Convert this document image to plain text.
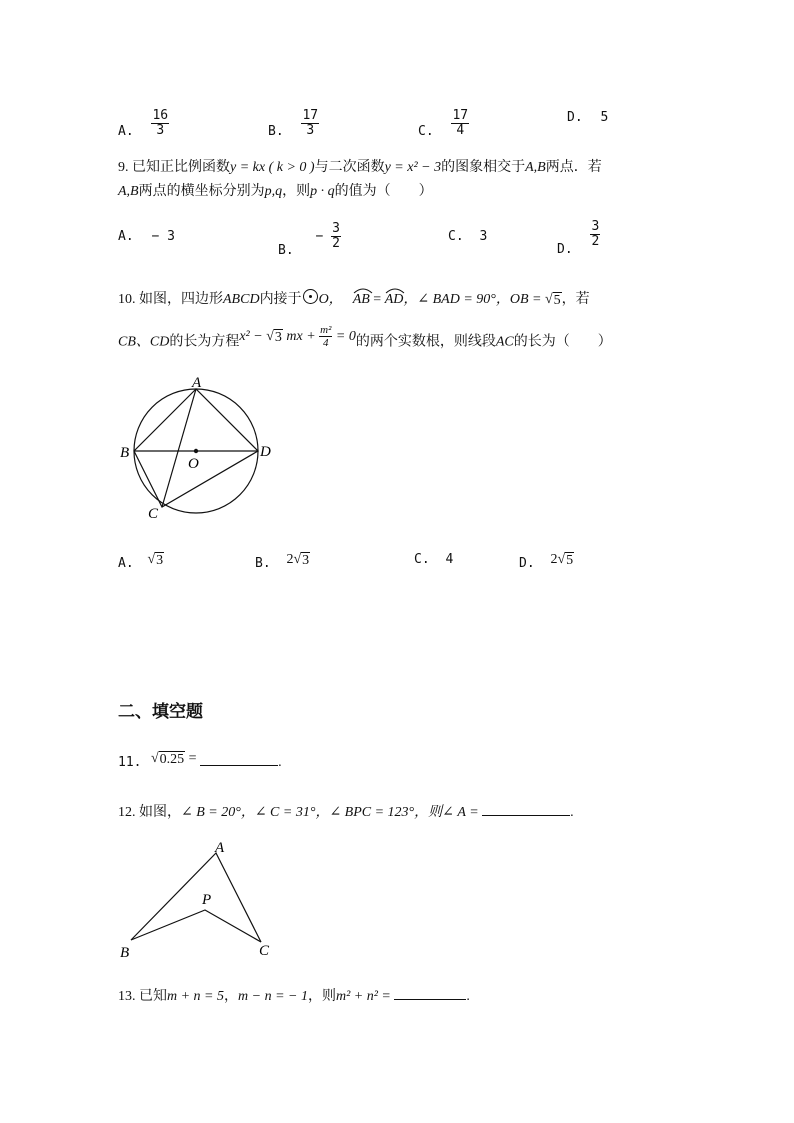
A. $\frac{16}{3}$	B. $\frac{17}{3}$	C. $\frac{17}{4}$	D. 5
9. 已知正比例函数y = kx ( k > 0 )与二次函数y = x² − 3的图象相交于A,B两点．若
A,B两点的横坐标分别为p,q，则p · q的值为（　　）
A. − 3
B. − $\frac{3}{2}$	C. 3
D.
$\frac{3}{2}$
10. 如图，四边形ABCD内接于 O， AB =
AD，∠ BAD = 90°，OB = √ 5 ，若
CB、CD的长为方程x² − √ 3 mx + $\frac{\text{m²}}{4} = 0$的两个实数根，则线段AC的长为（　　）
A
B
C
D
O
A. √ 3	B. 2 √ 3	C. 4	D. 2 √ 5
二、填空题
11. √ 0.25 =	.
12. 如图，∠ B = 20°，∠ C = 31°，∠ BPC = 123°，则∠ A =	.
A
B	C
P
13. 已知m + n = 5，m − n = − 1，则m² + n² =	.
